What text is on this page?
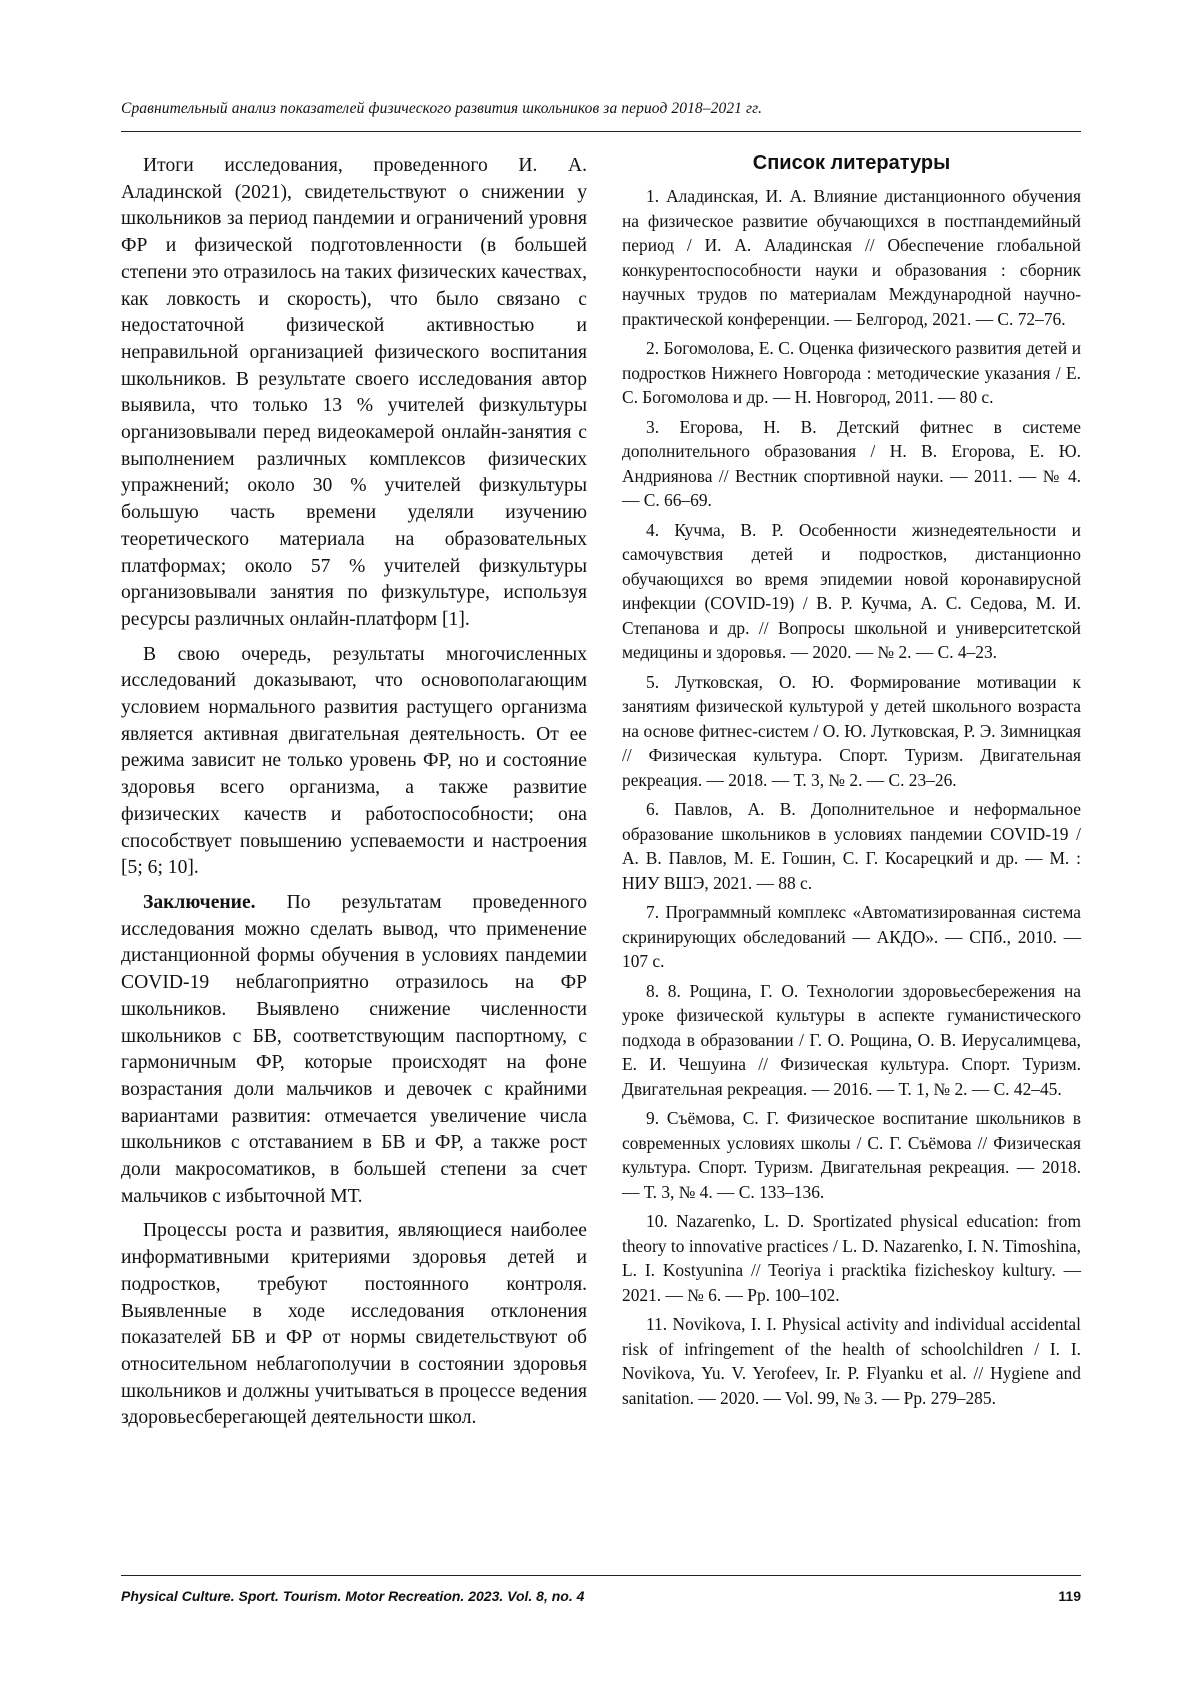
Сравнительный анализ показателей физического развития школьников за период 2018–2021 гг.

Итоги исследования, проведенного И. А. Аладинской (2021), свидетельствуют о снижении у школьников за период пандемии и ограничений уровня ФР и физической подготовленности (в большей степени это отразилось на таких физических качествах, как ловкость и скорость), что было связано с недостаточной физической активностью и неправильной организацией физического воспитания школьников. В результате своего исследования автор выявила, что только 13 % учителей физкультуры организовывали перед видеокамерой онлайн-занятия с выполнением различных комплексов физических упражнений; около 30 % учителей физкультуры большую часть времени уделяли изучению теоретического материала на образовательных платформах; около 57 % учителей физкультуры организовывали занятия по физкультуре, используя ресурсы различных онлайн-платформ [1].

В свою очередь, результаты многочисленных исследований доказывают, что основополагающим условием нормального развития растущего организма является активная двигательная деятельность. От ее режима зависит не только уровень ФР, но и состояние здоровья всего организма, а также развитие физических качеств и работоспособности; она способствует повышению успеваемости и настроения [5; 6; 10].

Заключение. По результатам проведенного исследования можно сделать вывод, что применение дистанционной формы обучения в условиях пандемии COVID-19 неблагоприятно отразилось на ФР школьников. Выявлено снижение численности школьников с БВ, соответствующим паспортному, с гармоничным ФР, которые происходят на фоне возрастания доли мальчиков и девочек с крайними вариантами развития: отмечается увеличение числа школьников с отставанием в БВ и ФР, а также рост доли макросоматиков, в большей степени за счет мальчиков с избыточной МТ.

Процессы роста и развития, являющиеся наиболее информативными критериями здоровья детей и подростков, требуют постоянного контроля. Выявленные в ходе исследования отклонения показателей БВ и ФР от нормы свидетельствуют об относительном неблагополучии в состоянии здоровья школьников и должны учитываться в процессе ведения здоровьесберегающей деятельности школ.

Список литературы

1. Аладинская, И. А. Влияние дистанционного обучения на физическое развитие обучающихся в постпандемийный период / И. А. Аладинская // Обеспечение глобальной конкурентоспособности науки и образования : сборник научных трудов по материалам Международной научно-практической конференции. — Белгород, 2021. — С. 72–76.

2. Богомолова, Е. С. Оценка физического развития детей и подростков Нижнего Новгорода : методические указания / Е. С. Богомолова и др. — Н. Новгород, 2011. — 80 с.

3. Егорова, Н. В. Детский фитнес в системе дополнительного образования / Н. В. Егорова, Е. Ю. Андриянова // Вестник спортивной науки. — 2011. — № 4. — С. 66–69.

4. Кучма, В. Р. Особенности жизнедеятельности и самочувствия детей и подростков, дистанционно обучающихся во время эпидемии новой коронавирусной инфекции (COVID-19) / В. Р. Кучма, А. С. Седова, М. И. Степанова и др. // Вопросы школьной и университетской медицины и здоровья. — 2020. — № 2. — С. 4–23.

5. Лутковская, О. Ю. Формирование мотивации к занятиям физической культурой у детей школьного возраста на основе фитнес-систем / О. Ю. Лутковская, Р. Э. Зимницкая // Физическая культура. Спорт. Туризм. Двигательная рекреация. — 2018. — Т. 3, № 2. — С. 23–26.

6. Павлов, А. В. Дополнительное и неформальное образование школьников в условиях пандемии COVID-19 / А. В. Павлов, М. Е. Гошин, С. Г. Косарецкий и др. — М. : НИУ ВШЭ, 2021. — 88 с.

7. Программный комплекс «Автоматизированная система скринирующих обследований — АКДО». — СПб., 2010. — 107 с.

8. 8. Рощина, Г. О. Технологии здоровьесбережения на уроке физической культуры в аспекте гуманистического подхода в образовании / Г. О. Рощина, О. В. Иерусалимцева, Е. И. Чешуина // Физическая культура. Спорт. Туризм. Двигательная рекреация. — 2016. — Т. 1, № 2. — С. 42–45.

9. Съёмова, С. Г. Физическое воспитание школьников в современных условиях школы / С. Г. Съёмова // Физическая культура. Спорт. Туризм. Двигательная рекреация. — 2018. — Т. 3, № 4. — С. 133–136.

10. Nazarenko, L. D. Sportizated physical education: from theory to innovative practices / L. D. Nazarenko, I. N. Timoshina, L. I. Kostyunina // Teoriya i pracktika fizicheskoy kultury. — 2021. — № 6. — Pp. 100–102.

11. Novikova, I. I. Physical activity and individual accidental risk of infringement of the health of schoolchildren / I. I. Novikova, Yu. V. Yerofeev, Ir. P. Flyanku et al. // Hygiene and sanitation. — 2020. — Vol. 99, № 3. — Pp. 279–285.

Physical Culture. Sport. Tourism. Motor Recreation. 2023. Vol. 8, no. 4	119
